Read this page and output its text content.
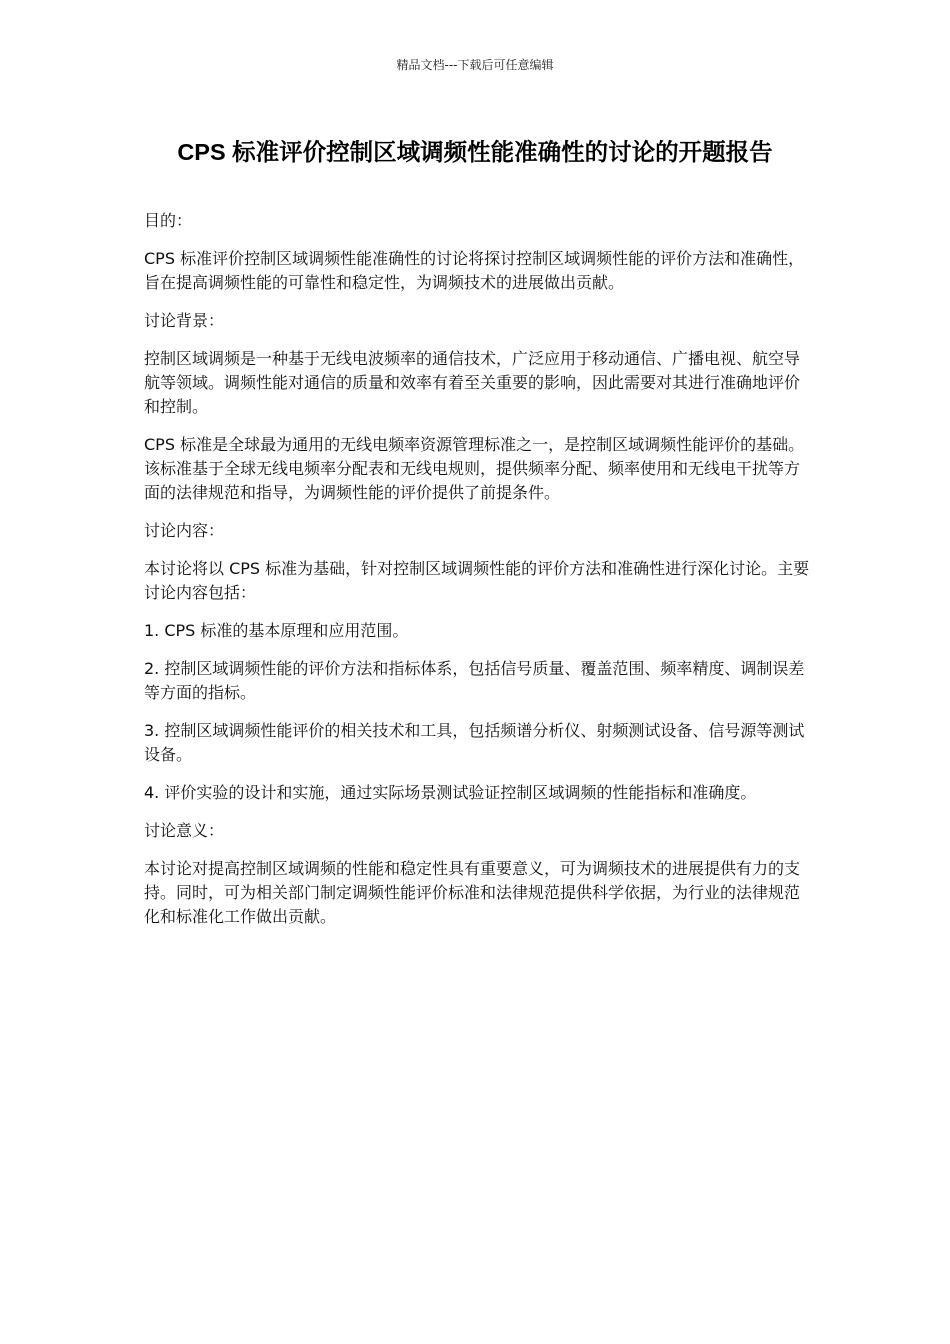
精品文档---下载后可任意编辑
CPS 标准评价控制区域调频性能准确性的讨论的开题报告

目的：

CPS 标准评价控制区域调频性能准确性的讨论将探讨控制区域调频性能的评价方法和准确性，旨在提高调频性能的可靠性和稳定性，为调频技术的进展做出贡献。

讨论背景：

控制区域调频是一种基于无线电波频率的通信技术，广泛应用于移动通信、广播电视、航空导航等领域。调频性能对通信的质量和效率有着至关重要的影响，因此需要对其进行准确地评价和控制。

CPS 标准是全球最为通用的无线电频率资源管理标准之一，是控制区域调频性能评价的基础。该标准基于全球无线电频率分配表和无线电规则，提供频率分配、频率使用和无线电干扰等方面的法律规范和指导，为调频性能的评价提供了前提条件。

讨论内容：

本讨论将以 CPS 标准为基础，针对控制区域调频性能的评价方法和准确性进行深化讨论。主要讨论内容包括：

1. CPS 标准的基本原理和应用范围。

2. 控制区域调频性能的评价方法和指标体系，包括信号质量、覆盖范围、频率精度、调制误差等方面的指标。

3. 控制区域调频性能评价的相关技术和工具，包括频谱分析仪、射频测试设备、信号源等测试设备。

4. 评价实验的设计和实施，通过实际场景测试验证控制区域调频的性能指标和准确度。

讨论意义：

本讨论对提高控制区域调频的性能和稳定性具有重要意义，可为调频技术的进展提供有力的支持。同时，可为相关部门制定调频性能评价标准和法律规范提供科学依据，为行业的法律规范化和标准化工作做出贡献。
